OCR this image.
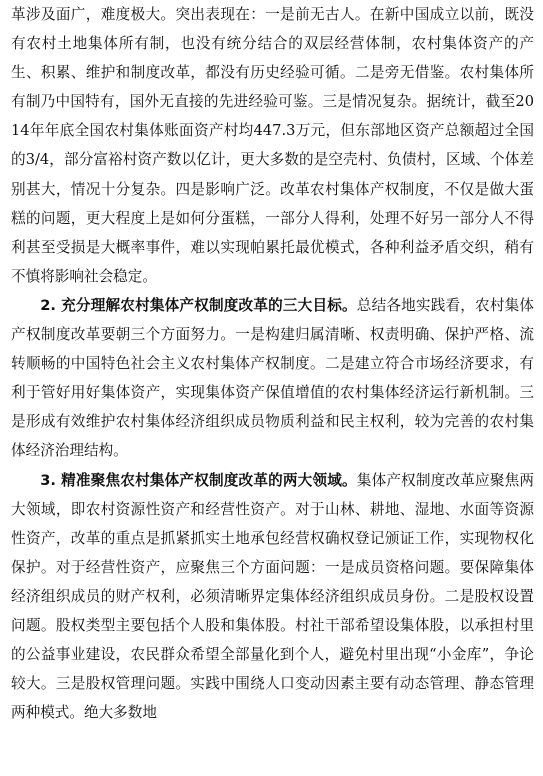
革涉及面广，难度极大。突出表现在：一是前无古人。在新中国成立以前，既没有农村土地集体所有制，也没有统分结合的双层经营体制，农村集体资产的产生、积累、维护和制度改革，都没有历史经验可循。二是旁无借鉴。农村集体所有制乃中国特有，国外无直接的先进经验可鉴。三是情况复杂。据统计，截至2014年年底全国农村集体账面资产村均447.3万元，但东部地区资产总额超过全国的3/4，部分富裕村资产数以亿计，更大多数的是空壳村、负债村，区域、个体差别甚大，情况十分复杂。四是影响广泛。改革农村集体产权制度，不仅是做大蛋糕的问题，更大程度上是如何分蛋糕，一部分人得利，处理不好另一部分人不得利甚至受损是大概率事件，难以实现帕累托最优模式，各种利益矛盾交织，稍有不慎将影响社会稳定。

2. 充分理解农村集体产权制度改革的三大目标。总结各地实践看，农村集体产权制度改革要朝三个方面努力。一是构建归属清晰、权责明确、保护严格、流转顺畅的中国特色社会主义农村集体产权制度。二是建立符合市场经济要求，有利于管好用好集体资产，实现集体资产保值增值的农村集体经济运行新机制。三是形成有效维护农村集体经济组织成员物质利益和民主权利，较为完善的农村集体经济治理结构。

3. 精准聚焦农村集体产权制度改革的两大领域。集体产权制度改革应聚焦两大领域，即农村资源性资产和经营性资产。对于山林、耕地、湿地、水面等资源性资产，改革的重点是抓紧抓实土地承包经营权确权登记颁证工作，实现物权化保护。对于经营性资产，应聚焦三个方面问题：一是成员资格问题。要保障集体经济组织成员的财产权利，必须清晰界定集体经济组织成员身份。二是股权设置问题。股权类型主要包括个人股和集体股。村社干部希望设集体股，以承担村里的公益事业建设，农民群众希望全部量化到个人，避免村里出现“小金库”，争论较大。三是股权管理问题。实践中围绕人口变动因素主要有动态管理、静态管理两种模式。绝大多数地
